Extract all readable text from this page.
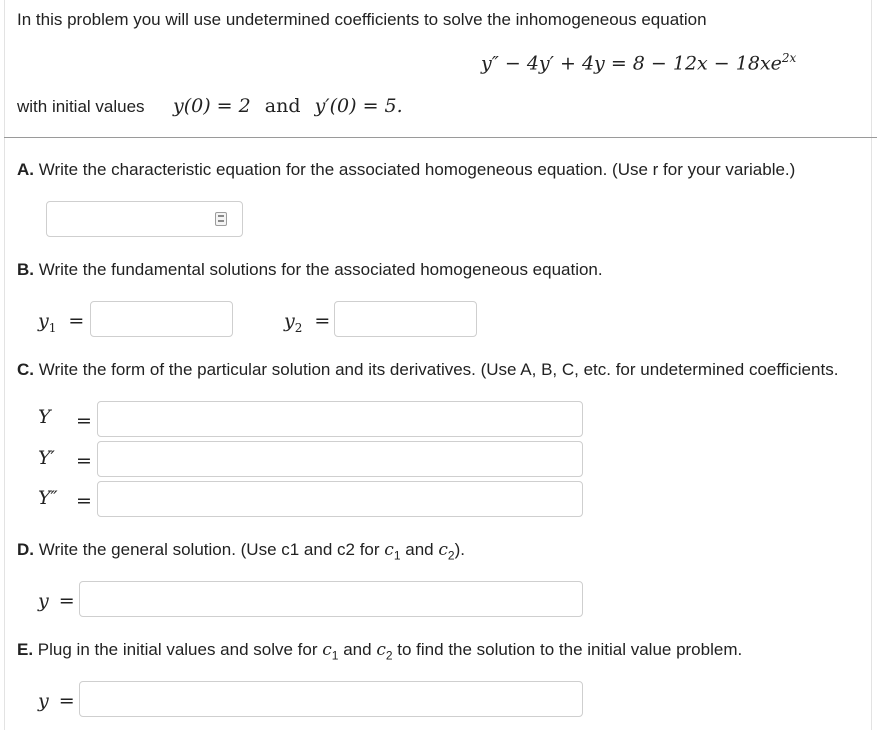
In this problem you will use undetermined coefficients to solve the inhomogeneous equation
$y'' - 4y' + 4y = 8 - 12x - 18xe^{2x}$
with initial values y(0) = 2 and y′(0) = 5.
A. Write the characteristic equation for the associated homogeneous equation. (Use r for your variable.)
B. Write the fundamental solutions for the associated homogeneous equation.
$y_1$ =	$y_2$ =
C. Write the form of the particular solution and its derivatives. (Use A, B, C, etc. for undetermined coefficients.
Y =
Y′ =
Y″ =
D. Write the general solution. (Use c1 and c2 for $c_1$ and $c_2$).
y =
E. Plug in the initial values and solve for $c_1$ and $c_2$ to find the solution to the initial value problem.
y =
